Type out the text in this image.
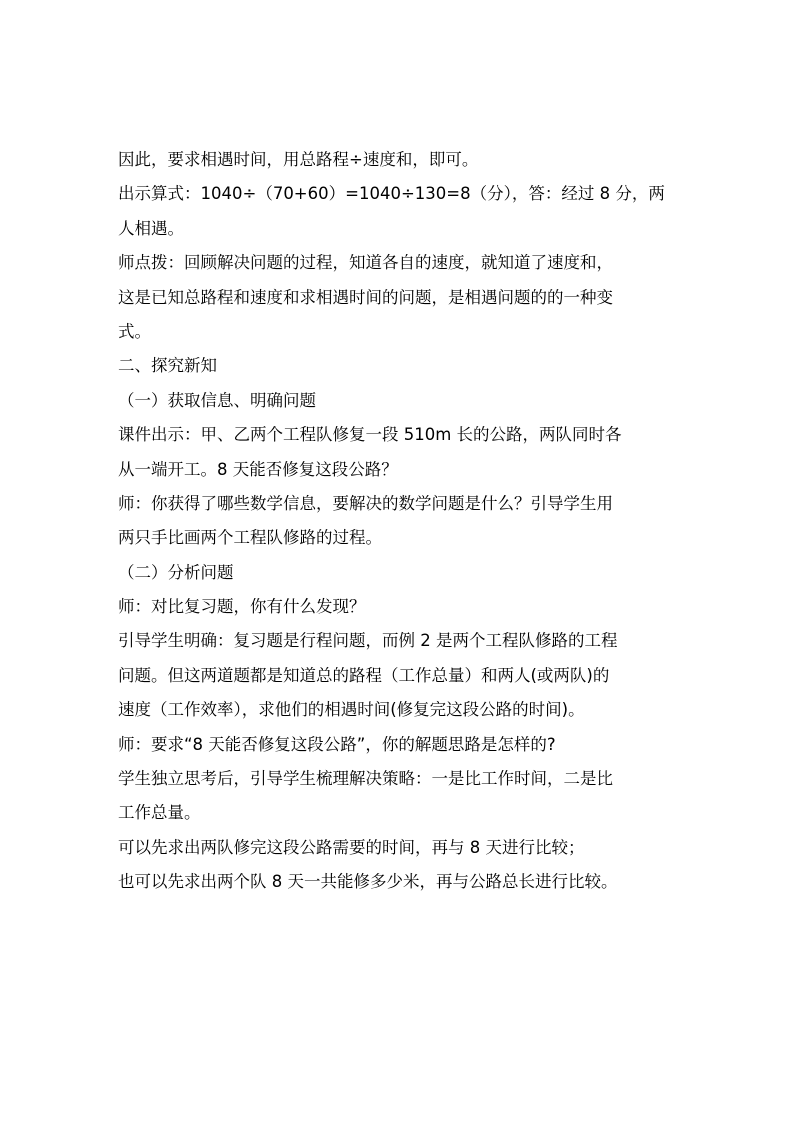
因此，要求相遇时间，用总路程÷速度和，即可。
出示算式：1040÷（70+60）=1040÷130=8（分），答：经过 8 分，两
人相遇。
师点拨：回顾解决问题的过程，知道各自的速度，就知道了速度和，
这是已知总路程和速度和求相遇时间的问题，是相遇问题的的一种变
式。
二、探究新知
（一）获取信息、明确问题
课件出示：甲、乙两个工程队修复一段 510m 长的公路，两队同时各
从一端开工。8 天能否修复这段公路？
师：你获得了哪些数学信息，要解决的数学问题是什么？引导学生用
两只手比画两个工程队修路的过程。
（二）分析问题
师：对比复习题，你有什么发现？
引导学生明确：复习题是行程问题，而例 2 是两个工程队修路的工程
问题。但这两道题都是知道总的路程（工作总量）和两人(或两队)的
速度（工作效率），求他们的相遇时间(修复完这段公路的时间)。
师：要求“8 天能否修复这段公路”，你的解题思路是怎样的?
学生独立思考后，引导学生梳理解决策略：一是比工作时间，二是比
工作总量。
可以先求出两队修完这段公路需要的时间，再与 8 天进行比较；
也可以先求出两个队 8 天一共能修多少米，再与公路总长进行比较。
